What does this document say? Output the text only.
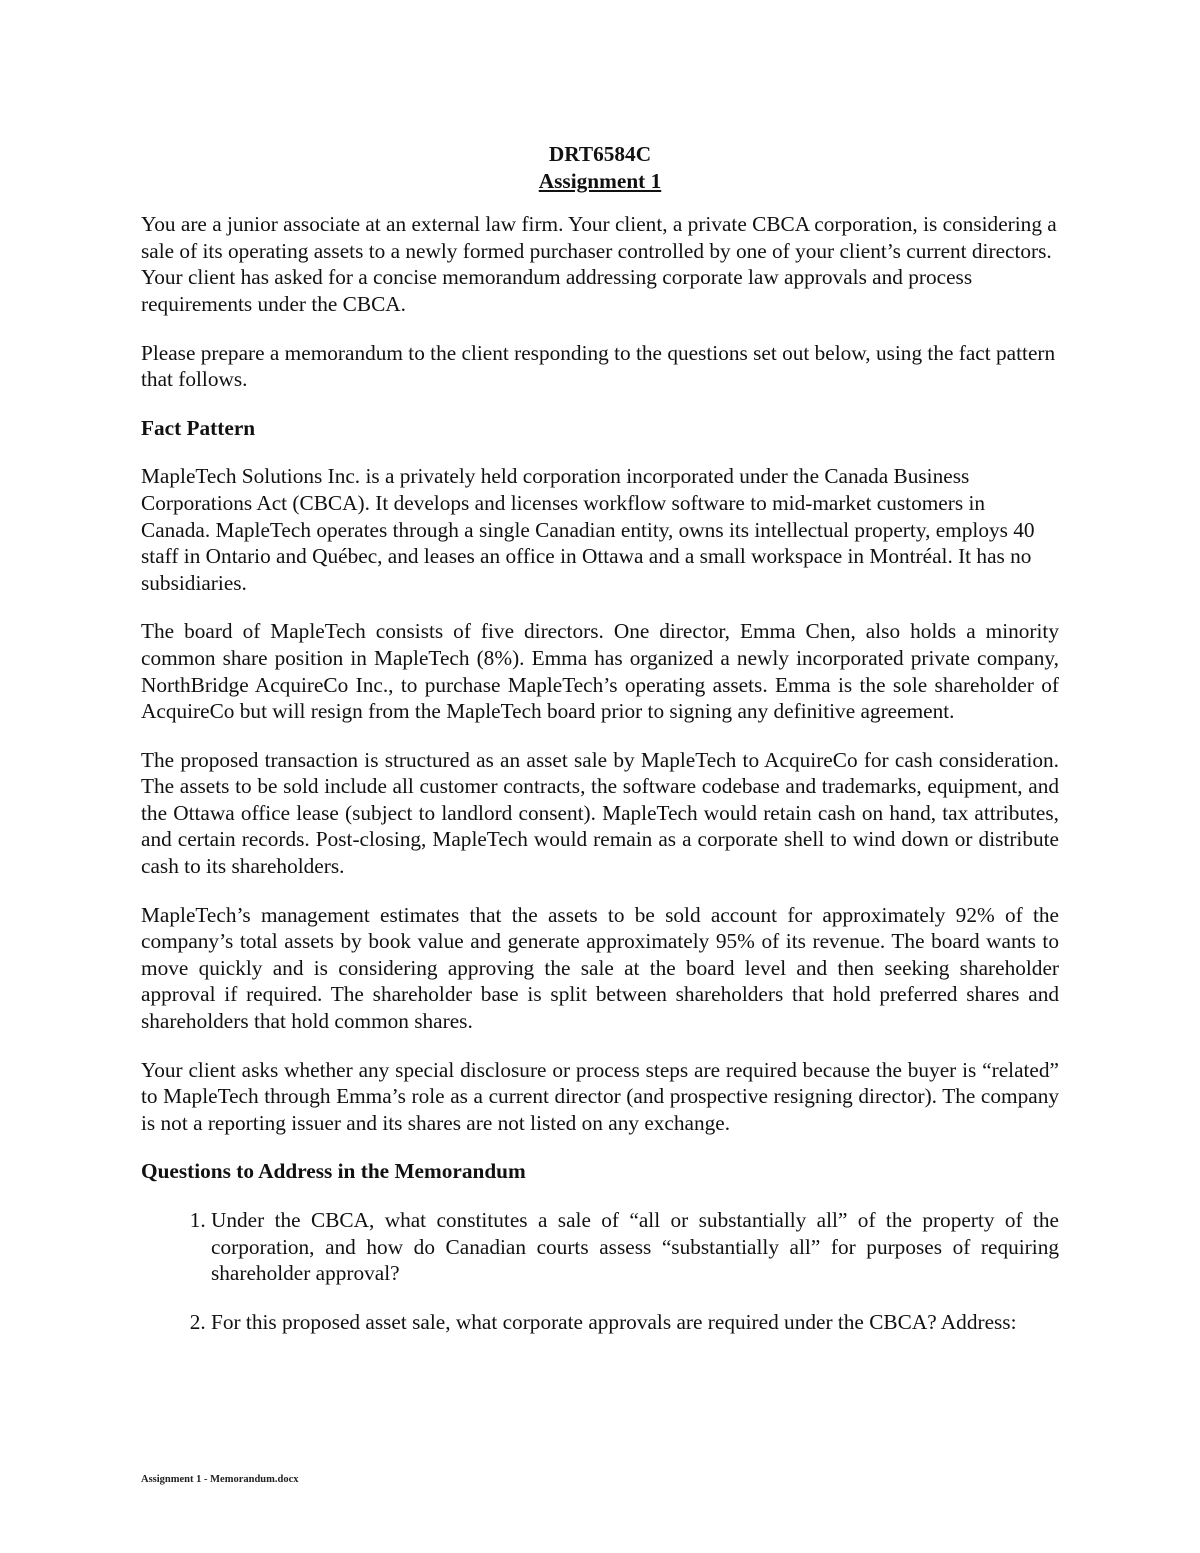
DRT6584C
Assignment 1

You are a junior associate at an external law firm. Your client, a private CBCA corporation, is considering a sale of its operating assets to a newly formed purchaser controlled by one of your client’s current directors. Your client has asked for a concise memorandum addressing corporate law approvals and process requirements under the CBCA.

Please prepare a memorandum to the client responding to the questions set out below, using the fact pattern that follows.

Fact Pattern

MapleTech Solutions Inc. is a privately held corporation incorporated under the Canada Business Corporations Act (CBCA). It develops and licenses workflow software to mid-market customers in Canada. MapleTech operates through a single Canadian entity, owns its intellectual property, employs 40 staff in Ontario and Québec, and leases an office in Ottawa and a small workspace in Montréal. It has no subsidiaries.

The board of MapleTech consists of five directors. One director, Emma Chen, also holds a minority common share position in MapleTech (8%). Emma has organized a newly incorporated private company, NorthBridge AcquireCo Inc., to purchase MapleTech’s operating assets. Emma is the sole shareholder of AcquireCo but will resign from the MapleTech board prior to signing any definitive agreement.

The proposed transaction is structured as an asset sale by MapleTech to AcquireCo for cash consideration. The assets to be sold include all customer contracts, the software codebase and trademarks, equipment, and the Ottawa office lease (subject to landlord consent). MapleTech would retain cash on hand, tax attributes, and certain records. Post-closing, MapleTech would remain as a corporate shell to wind down or distribute cash to its shareholders.

MapleTech’s management estimates that the assets to be sold account for approximately 92% of the company’s total assets by book value and generate approximately 95% of its revenue. The board wants to move quickly and is considering approving the sale at the board level and then seeking shareholder approval if required. The shareholder base is split between shareholders that hold preferred shares and shareholders that hold common shares.

Your client asks whether any special disclosure or process steps are required because the buyer is “related” to MapleTech through Emma’s role as a current director (and prospective resigning director). The company is not a reporting issuer and its shares are not listed on any exchange.

Questions to Address in the Memorandum
1. Under the CBCA, what constitutes a sale of “all or substantially all” of the property of the corporation, and how do Canadian courts assess “substantially all” for purposes of requiring shareholder approval?
2. For this proposed asset sale, what corporate approvals are required under the CBCA? Address:
Assignment 1 - Memorandum.docx
